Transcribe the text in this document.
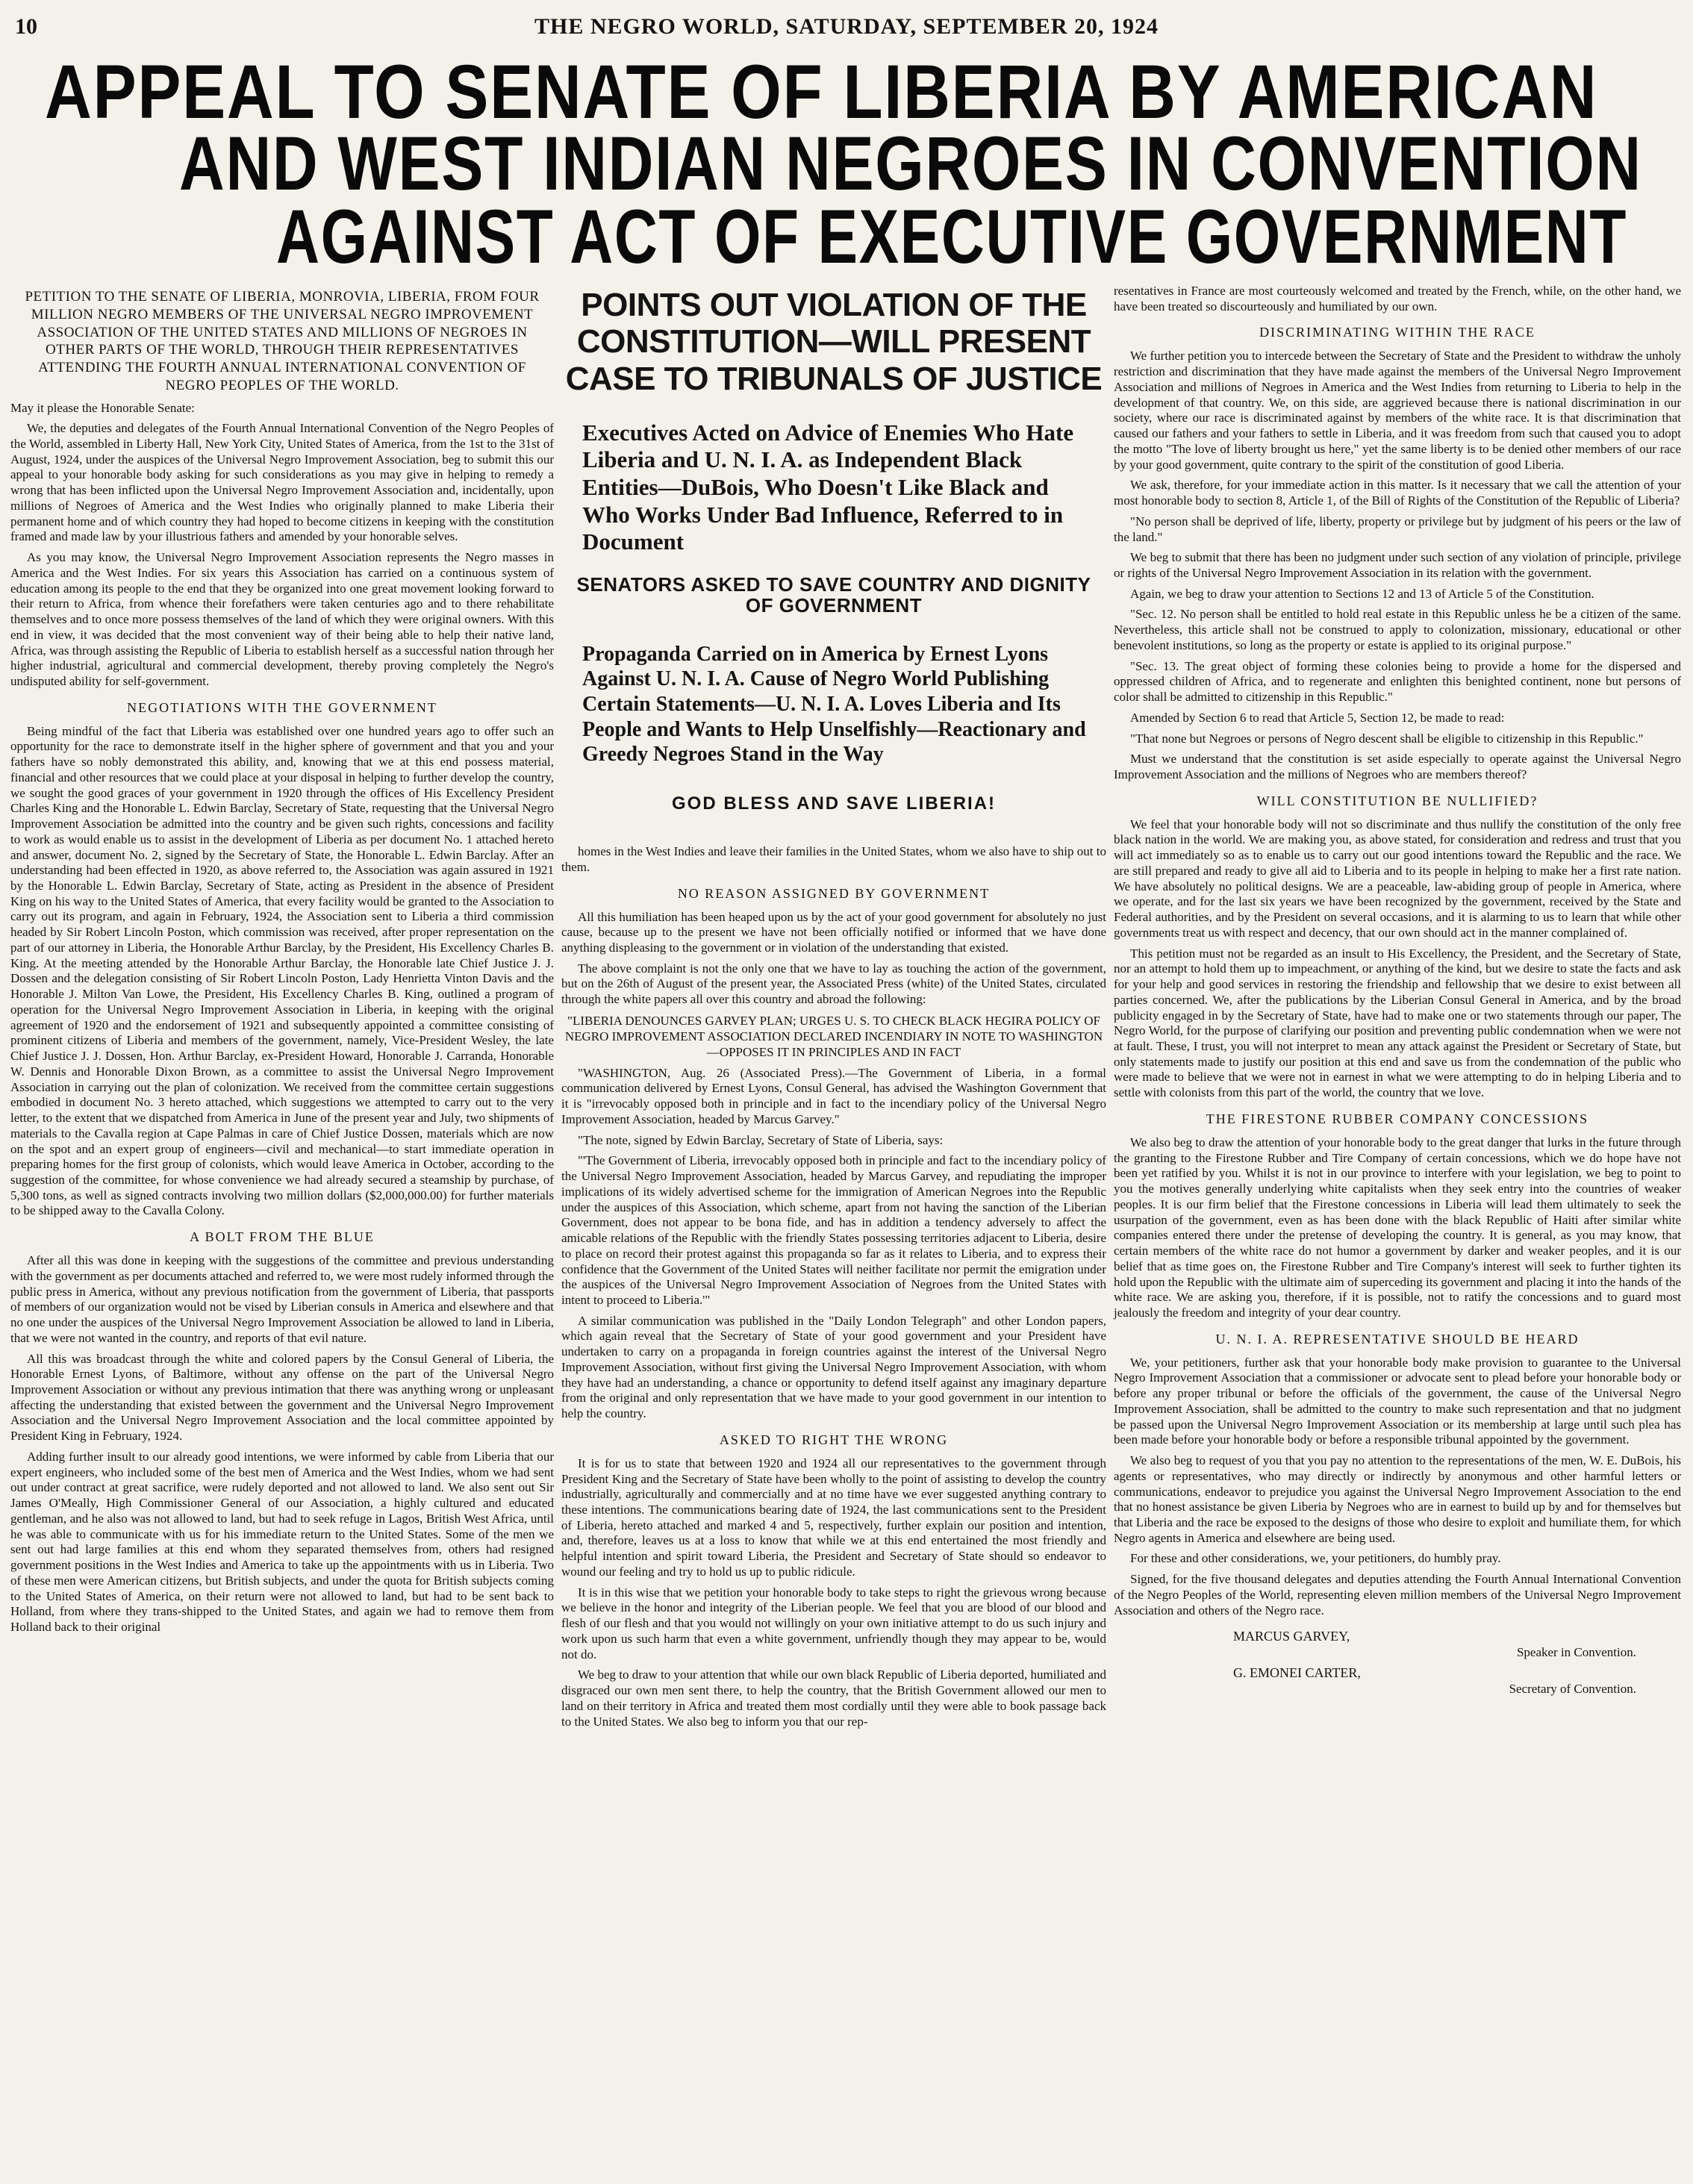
10	THE NEGRO WORLD, SATURDAY, SEPTEMBER 20, 1924
APPEAL TO SENATE OF LIBERIA BY AMERICAN
AND WEST INDIAN NEGROES IN CONVENTION
AGAINST ACT OF EXECUTIVE GOVERNMENT
PETITION TO THE SENATE OF LIBERIA, MONROVIA, LIBERIA, FROM FOUR MILLION NEGRO MEMBERS OF THE UNIVERSAL NEGRO IMPROVEMENT ASSOCIATION OF THE UNITED STATES AND MILLIONS OF NEGROES IN OTHER PARTS OF THE WORLD, THROUGH THEIR REPRESENTATIVES ATTENDING THE FOURTH ANNUAL INTERNATIONAL CONVENTION OF NEGRO PEOPLES OF THE WORLD.

May it please the Honorable Senate:

We, the deputies and delegates of the Fourth Annual International Convention of the Negro Peoples of the World, assembled in Liberty Hall, New York City, United States of America, from the 1st to the 31st of August, 1924, under the auspices of the Universal Negro Improvement Association, beg to submit this our appeal to your honorable body asking for such considerations as you may give in helping to remedy a wrong that has been inflicted upon the Universal Negro Improvement Association and, incidentally, upon millions of Negroes of America and the West Indies who originally planned to make Liberia their permanent home and of which country they had hoped to become citizens in keeping with the constitution framed and made law by your illustrious fathers and amended by your honorable selves.

As you may know, the Universal Negro Improvement Association represents the Negro masses in America and the West Indies. For six years this Association has carried on a continuous system of education among its people to the end that they be organized into one great movement looking forward to their return to Africa, from whence their forefathers were taken centuries ago and to there rehabilitate themselves and to once more possess themselves of the land of which they were original owners. With this end in view, it was decided that the most convenient way of their being able to help their native land, Africa, was through assisting the Republic of Liberia to establish herself as a successful nation through her higher industrial, agricultural and commercial development, thereby proving completely the Negro's undisputed ability for self-government.

NEGOTIATIONS WITH THE GOVERNMENT

Being mindful of the fact that Liberia was established over one hundred years ago to offer such an opportunity for the race to demonstrate itself in the higher sphere of government and that you and your fathers have so nobly demonstrated this ability, and, knowing that we at this end possess material, financial and other resources that we could place at your disposal in helping to further develop the country, we sought the good graces of your government in 1920 through the offices of His Excellency President Charles King and the Honorable L. Edwin Barclay, Secretary of State, requesting that the Universal Negro Improvement Association be admitted into the country and be given such rights, concessions and facility to work as would enable us to assist in the development of Liberia as per document No. 1 attached hereto and answer, document No. 2, signed by the Secretary of State, the Honorable L. Edwin Barclay. After an understanding had been effected in 1920, as above referred to, the Association was again assured in 1921 by the Honorable L. Edwin Barclay, Secretary of State, acting as President in the absence of President King on his way to the United States of America, that every facility would be granted to the Association to carry out its program, and again in February, 1924, the Association sent to Liberia a third commission headed by Sir Robert Lincoln Poston, which commission was received, after proper representation on the part of our attorney in Liberia, the Honorable Arthur Barclay, by the President, His Excellency Charles B. King. At the meeting attended by the Honorable Arthur Barclay, the Honorable late Chief Justice J. J. Dossen and the delegation consisting of Sir Robert Lincoln Poston, Lady Henrietta Vinton Davis and the Honorable J. Milton Van Lowe, the President, His Excellency Charles B. King, outlined a program of operation for the Universal Negro Improvement Association in Liberia, in keeping with the original agreement of 1920 and the endorsement of 1921 and subsequently appointed a committee consisting of prominent citizens of Liberia and members of the government, namely, Vice-President Wesley, the late Chief Justice J. J. Dossen, Hon. Arthur Barclay, ex-President Howard, Honorable J. Carranda, Honorable W. Dennis and Honorable Dixon Brown, as a committee to assist the Universal Negro Improvement Association in carrying out the plan of colonization. We received from the committee certain suggestions embodied in document No. 3 hereto attached, which suggestions we attempted to carry out to the very letter, to the extent that we dispatched from America in June of the present year and July, two shipments of materials to the Cavalla region at Cape Palmas in care of Chief Justice Dossen, materials which are now on the spot and an expert group of engineers—civil and mechanical—to start immediate operation in preparing homes for the first group of colonists, which would leave America in October, according to the suggestion of the committee, for whose convenience we had already secured a steamship by purchase, of 5,300 tons, as well as signed contracts involving two million dollars ($2,000,000.00) for further materials to be shipped away to the Cavalla Colony.

A BOLT FROM THE BLUE

After all this was done in keeping with the suggestions of the committee and previous understanding with the government as per documents attached and referred to, we were most rudely informed through the public press in America, without any previous notification from the government of Liberia, that passports of members of our organization would not be vised by Liberian consuls in America and elsewhere and that no one under the auspices of the Universal Negro Improvement Association be allowed to land in Liberia, that we were not wanted in the country, and reports of that evil nature.

All this was broadcast through the white and colored papers by the Consul General of Liberia, the Honorable Ernest Lyons, of Baltimore, without any offense on the part of the Universal Negro Improvement Association or without any previous intimation that there was anything wrong or unpleasant affecting the understanding that existed between the government and the Universal Negro Improvement Association and the Universal Negro Improvement Association and the local committee appointed by President King in February, 1924.

Adding further insult to our already good intentions, we were informed by cable from Liberia that our expert engineers, who included some of the best men of America and the West Indies, whom we had sent out under contract at great sacrifice, were rudely deported and not allowed to land. We also sent out Sir James O'Meally, High Commissioner General of our Association, a highly cultured and educated gentleman, and he also was not allowed to land, but had to seek refuge in Lagos, British West Africa, until he was able to communicate with us for his immediate return to the United States. Some of the men we sent out had large families at this end whom they separated themselves from, others had resigned government positions in the West Indies and America to take up the appointments with us in Liberia. Two of these men were American citizens, but British subjects, and under the quota for British subjects coming to the United States of America, on their return were not allowed to land, but had to be sent back to Holland, from where they trans-shipped to the United States, and again we had to remove them from Holland back to their original

POINTS OUT VIOLATION OF THE CONSTITUTION—WILL PRESENT CASE TO TRIBUNALS OF JUSTICE
Executives Acted on Advice of Enemies Who Hate Liberia and U. N. I. A. as Independent Black Entities—DuBois, Who Doesn't Like Black and Who Works Under Bad Influence, Referred to in Document
SENATORS ASKED TO SAVE COUNTRY AND DIGNITY OF GOVERNMENT
Propaganda Carried on in America by Ernest Lyons Against U. N. I. A. Cause of Negro World Publishing Certain Statements—U. N. I. A. Loves Liberia and Its People and Wants to Help Unselfishly—Reactionary and Greedy Negroes Stand in the Way
GOD BLESS AND SAVE LIBERIA!

homes in the West Indies and leave their families in the United States, whom we also have to ship out to them.

NO REASON ASSIGNED BY GOVERNMENT

All this humiliation has been heaped upon us by the act of your good government for absolutely no just cause, because up to the present we have not been officially notified or informed that we have done anything displeasing to the government or in violation of the understanding that existed.

The above complaint is not the only one that we have to lay as touching the action of the government, but on the 26th of August of the present year, the Associated Press (white) of the United States, circulated through the white papers all over this country and abroad the following:

"LIBERIA DENOUNCES GARVEY PLAN; URGES U. S. TO CHECK BLACK HEGIRA POLICY OF NEGRO IMPROVEMENT ASSOCIATION DECLARED INCENDIARY IN NOTE TO WASHINGTON—OPPOSES IT IN PRINCIPLES AND IN FACT

"WASHINGTON, Aug. 26 (Associated Press).—The Government of Liberia, in a formal communication delivered by Ernest Lyons, Consul General, has advised the Washington Government that it is "irrevocably opposed both in principle and in fact to the incendiary policy of the Universal Negro Improvement Association, headed by Marcus Garvey."

"The note, signed by Edwin Barclay, Secretary of State of Liberia, says:

"'The Government of Liberia, irrevocably opposed both in principle and fact to the incendiary policy of the Universal Negro Improvement Association, headed by Marcus Garvey, and repudiating the improper implications of its widely advertised scheme for the immigration of American Negroes into the Republic under the auspices of this Association, which scheme, apart from not having the sanction of the Liberian Government, does not appear to be bona fide, and has in addition a tendency adversely to affect the amicable relations of the Republic with the friendly States possessing territories adjacent to Liberia, desire to place on record their protest against this propaganda so far as it relates to Liberia, and to express their confidence that the Government of the United States will neither facilitate nor permit the emigration under the auspices of the Universal Negro Improvement Association of Negroes from the United States with intent to proceed to Liberia.'"

A similar communication was published in the "Daily London Telegraph" and other London papers, which again reveal that the Secretary of State of your good government and your President have undertaken to carry on a propaganda in foreign countries against the interest of the Universal Negro Improvement Association, without first giving the Universal Negro Improvement Association, with whom they have had an understanding, a chance or opportunity to defend itself against any imaginary departure from the original and only representation that we have made to your good government in our intention to help the country.

ASKED TO RIGHT THE WRONG

It is for us to state that between 1920 and 1924 all our representatives to the government through President King and the Secretary of State have been wholly to the point of assisting to develop the country industrially, agriculturally and commercially and at no time have we ever suggested anything contrary to these intentions. The communications bearing date of 1924, the last communications sent to the President of Liberia, hereto attached and marked 4 and 5, respectively, further explain our position and intention, and, therefore, leaves us at a loss to know that while we at this end entertained the most friendly and helpful intention and spirit toward Liberia, the President and Secretary of State should so endeavor to wound our feeling and try to hold us up to public ridicule.

It is in this wise that we petition your honorable body to take steps to right the grievous wrong because we believe in the honor and integrity of the Liberian people. We feel that you are blood of our blood and flesh of our flesh and that you would not willingly on your own initiative attempt to do us such injury and work upon us such harm that even a white government, unfriendly though they may appear to be, would not do.

We beg to draw to your attention that while our own black Republic of Liberia deported, humiliated and disgraced our own men sent there, to help the country, that the British Government allowed our men to land on their territory in Africa and treated them most cordially until they were able to book passage back to the United States. We also beg to inform you that our rep-

resentatives in France are most courteously welcomed and treated by the French, while, on the other hand, we have been treated so discourteously and humiliated by our own.

DISCRIMINATING WITHIN THE RACE

We further petition you to intercede between the Secretary of State and the President to withdraw the unholy restriction and discrimination that they have made against the members of the Universal Negro Improvement Association and millions of Negroes in America and the West Indies from returning to Liberia to help in the development of that country. We, on this side, are aggrieved because there is national discrimination in our society, where our race is discriminated against by members of the white race. It is that discrimination that caused our fathers and your fathers to settle in Liberia, and it was freedom from such that caused you to adopt the motto "The love of liberty brought us here," yet the same liberty is to be denied other members of our race by your good government, quite contrary to the spirit of the constitution of good Liberia.

We ask, therefore, for your immediate action in this matter. Is it necessary that we call the attention of your most honorable body to section 8, Article 1, of the Bill of Rights of the Constitution of the Republic of Liberia?

"No person shall be deprived of life, liberty, property or privilege but by judgment of his peers or the law of the land."

We beg to submit that there has been no judgment under such section of any violation of principle, privilege or rights of the Universal Negro Improvement Association in its relation with the government.

Again, we beg to draw your attention to Sections 12 and 13 of Article 5 of the Constitution.

"Sec. 12. No person shall be entitled to hold real estate in this Republic unless he be a citizen of the same. Nevertheless, this article shall not be construed to apply to colonization, missionary, educational or other benevolent institutions, so long as the property or estate is applied to its original purpose."

"Sec. 13. The great object of forming these colonies being to provide a home for the dispersed and oppressed children of Africa, and to regenerate and enlighten this benighted continent, none but persons of color shall be admitted to citizenship in this Republic."

Amended by Section 6 to read that Article 5, Section 12, be made to read:

"That none but Negroes or persons of Negro descent shall be eligible to citizenship in this Republic."

Must we understand that the constitution is set aside especially to operate against the Universal Negro Improvement Association and the millions of Negroes who are members thereof?

WILL CONSTITUTION BE NULLIFIED?

We feel that your honorable body will not so discriminate and thus nullify the constitution of the only free black nation in the world. We are making you, as above stated, for consideration and redress and trust that you will act immediately so as to enable us to carry out our good intentions toward the Republic and the race. We are still prepared and ready to give all aid to Liberia and to its people in helping to make her a first rate nation. We have absolutely no political designs. We are a peaceable, law-abiding group of people in America, where we operate, and for the last six years we have been recognized by the government, received by the State and Federal authorities, and by the President on several occasions, and it is alarming to us to learn that while other governments treat us with respect and decency, that our own should act in the manner complained of.

This petition must not be regarded as an insult to His Excellency, the President, and the Secretary of State, nor an attempt to hold them up to impeachment, or anything of the kind, but we desire to state the facts and ask for your help and good services in restoring the friendship and fellowship that we desire to exist between all parties concerned. We, after the publications by the Liberian Consul General in America, and by the broad publicity engaged in by the Secretary of State, have had to make one or two statements through our paper, The Negro World, for the purpose of clarifying our position and preventing public condemnation when we were not at fault. These, I trust, you will not interpret to mean any attack against the President or Secretary of State, but only statements made to justify our position at this end and save us from the condemnation of the public who were made to believe that we were not in earnest in what we were attempting to do in helping Liberia and to settle with colonists from this part of the world, the country that we love.

THE FIRESTONE RUBBER COMPANY CONCESSIONS

We also beg to draw the attention of your honorable body to the great danger that lurks in the future through the granting to the Firestone Rubber and Tire Company of certain concessions, which we do hope have not been yet ratified by you. Whilst it is not in our province to interfere with your legislation, we beg to point to you the motives generally underlying white capitalists when they seek entry into the countries of weaker peoples. It is our firm belief that the Firestone concessions in Liberia will lead them ultimately to seek the usurpation of the government, even as has been done with the black Republic of Haiti after similar white companies entered there under the pretense of developing the country. It is general, as you may know, that certain members of the white race do not humor a government by darker and weaker peoples, and it is our belief that as time goes on, the Firestone Rubber and Tire Company's interest will seek to further tighten its hold upon the Republic with the ultimate aim of superceding its government and placing it into the hands of the white race. We are asking you, therefore, if it is possible, not to ratify the concessions and to guard most jealously the freedom and integrity of your dear country.

U. N. I. A. REPRESENTATIVE SHOULD BE HEARD

We, your petitioners, further ask that your honorable body make provision to guarantee to the Universal Negro Improvement Association that a commissioner or advocate sent to plead before your honorable body or before any proper tribunal or before the officials of the government, the cause of the Universal Negro Improvement Association, shall be admitted to the country to make such representation and that no judgment be passed upon the Universal Negro Improvement Association or its membership at large until such plea has been made before your honorable body or before a responsible tribunal appointed by the government.

We also beg to request of you that you pay no attention to the representations of the men, W. E. DuBois, his agents or representatives, who may directly or indirectly by anonymous and other harmful letters or communications, endeavor to prejudice you against the Universal Negro Improvement Association to the end that no honest assistance be given Liberia by Negroes who are in earnest to build up by and for themselves but that Liberia and the race be exposed to the designs of those who desire to exploit and humiliate them, for which Negro agents in America and elsewhere are being used.

For these and other considerations, we, your petitioners, do humbly pray.

Signed, for the five thousand delegates and deputies attending the Fourth Annual International Convention of the Negro Peoples of the World, representing eleven million members of the Universal Negro Improvement Association and others of the Negro race.

MARCUS GARVEY,
Speaker in Convention.
G. EMONEI CARTER,
Secretary of Convention.
